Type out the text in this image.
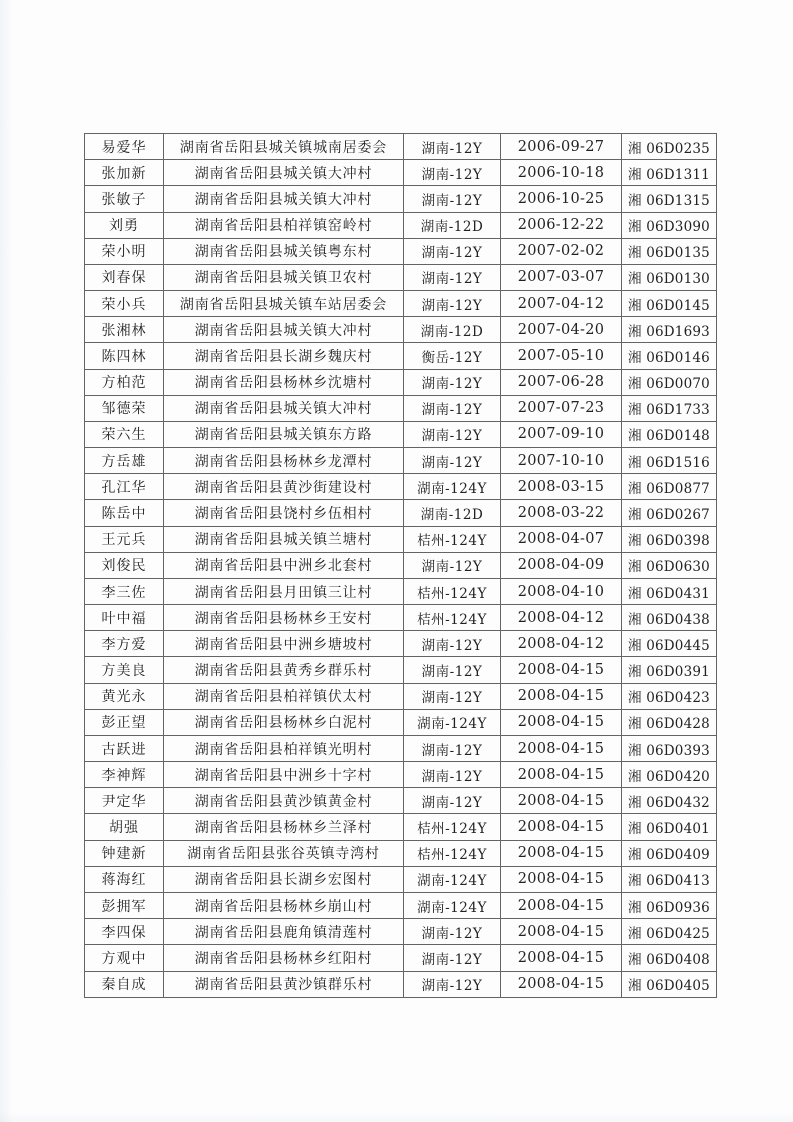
易爱华	湖南省岳阳县城关镇城南居委会	湖南-12Y	2006-09-27	湘 06D0235
张加新	湖南省岳阳县城关镇大冲村	湖南-12Y	2006-10-18	湘 06D1311
张敏子	湖南省岳阳县城关镇大冲村	湖南-12Y	2006-10-25	湘 06D1315
刘勇	湖南省岳阳县柏祥镇窑岭村	湖南-12D	2006-12-22	湘 06D3090
荣小明	湖南省岳阳县城关镇粤东村	湖南-12Y	2007-02-02	湘 06D0135
刘春保	湖南省岳阳县城关镇卫农村	湖南-12Y	2007-03-07	湘 06D0130
荣小兵	湖南省岳阳县城关镇车站居委会	湖南-12Y	2007-04-12	湘 06D0145
张湘林	湖南省岳阳县城关镇大冲村	湖南-12D	2007-04-20	湘 06D1693
陈四林	湖南省岳阳县长湖乡魏庆村	衡岳-12Y	2007-05-10	湘 06D0146
方柏范	湖南省岳阳县杨林乡沈塘村	湖南-12Y	2007-06-28	湘 06D0070
邹德荣	湖南省岳阳县城关镇大冲村	湖南-12Y	2007-07-23	湘 06D1733
荣六生	湖南省岳阳县城关镇东方路	湖南-12Y	2007-09-10	湘 06D0148
方岳雄	湖南省岳阳县杨林乡龙潭村	湖南-12Y	2007-10-10	湘 06D1516
孔江华	湖南省岳阳县黄沙街建设村	湖南-124Y	2008-03-15	湘 06D0877
陈岳中	湖南省岳阳县饶村乡伍相村	湖南-12D	2008-03-22	湘 06D0267
王元兵	湖南省岳阳县城关镇兰塘村	桔州-124Y	2008-04-07	湘 06D0398
刘俊民	湖南省岳阳县中洲乡北套村	湖南-12Y	2008-04-09	湘 06D0630
李三佐	湖南省岳阳县月田镇三让村	桔州-124Y	2008-04-10	湘 06D0431
叶中福	湖南省岳阳县杨林乡王安村	桔州-124Y	2008-04-12	湘 06D0438
李方爱	湖南省岳阳县中洲乡塘坡村	湖南-12Y	2008-04-12	湘 06D0445
方美良	湖南省岳阳县黄秀乡群乐村	湖南-12Y	2008-04-15	湘 06D0391
黄光永	湖南省岳阳县柏祥镇伏太村	湖南-12Y	2008-04-15	湘 06D0423
彭正望	湖南省岳阳县杨林乡白泥村	湖南-124Y	2008-04-15	湘 06D0428
古跃进	湖南省岳阳县柏祥镇光明村	湖南-12Y	2008-04-15	湘 06D0393
李神辉	湖南省岳阳县中洲乡十字村	湖南-12Y	2008-04-15	湘 06D0420
尹定华	湖南省岳阳县黄沙镇黄金村	湖南-12Y	2008-04-15	湘 06D0432
胡强	湖南省岳阳县杨林乡兰泽村	桔州-124Y	2008-04-15	湘 06D0401
钟建新	湖南省岳阳县张谷英镇寺湾村	桔州-124Y	2008-04-15	湘 06D0409
蒋海红	湖南省岳阳县长湖乡宏图村	湖南-124Y	2008-04-15	湘 06D0413
彭拥军	湖南省岳阳县杨林乡崩山村	湖南-124Y	2008-04-15	湘 06D0936
李四保	湖南省岳阳县鹿角镇清莲村	湖南-12Y	2008-04-15	湘 06D0425
方观中	湖南省岳阳县杨林乡红阳村	湖南-12Y	2008-04-15	湘 06D0408
秦自成	湖南省岳阳县黄沙镇群乐村	湖南-12Y	2008-04-15	湘 06D0405
